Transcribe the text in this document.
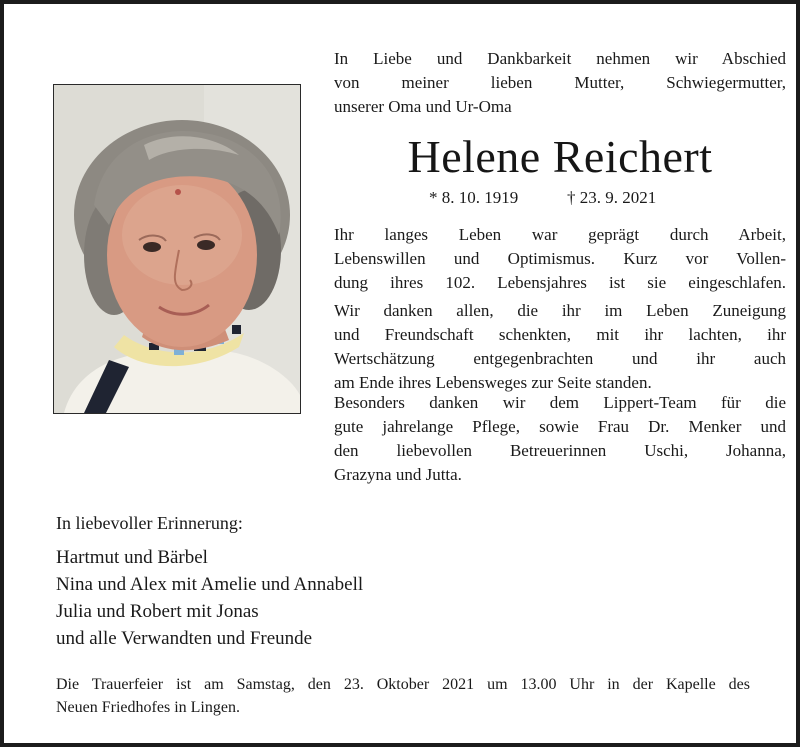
In Liebe und Dankbarkeit nehmen wir Abschied
von meiner lieben Mutter, Schwiegermutter,
unserer Oma und Ur-Oma
Helene Reichert
* 8. 10. 1919	† 23. 9. 2021
Ihr langes Leben war geprägt durch Arbeit,
Lebenswillen und Optimismus. Kurz vor Vollen-
dung ihres 102. Lebensjahres ist sie eingeschlafen.
Wir danken allen, die ihr im Leben Zuneigung
und Freundschaft schenkten, mit ihr lachten, ihr
Wertschätzung entgegenbrachten und ihr auch
am Ende ihres Lebensweges zur Seite standen.
Besonders danken wir dem Lippert-Team für die
gute jahrelange Pflege, sowie Frau Dr. Menker und
den liebevollen Betreuerinnen Uschi, Johanna,
Grazyna und Jutta.
In liebevoller Erinnerung:
Hartmut und Bärbel
Nina und Alex mit Amelie und Annabell
Julia und Robert mit Jonas
und alle Verwandten und Freunde
Die Trauerfeier ist am Samstag, den 23. Oktober 2021 um 13.00 Uhr in der Kapelle des
Neuen Friedhofes in Lingen.
